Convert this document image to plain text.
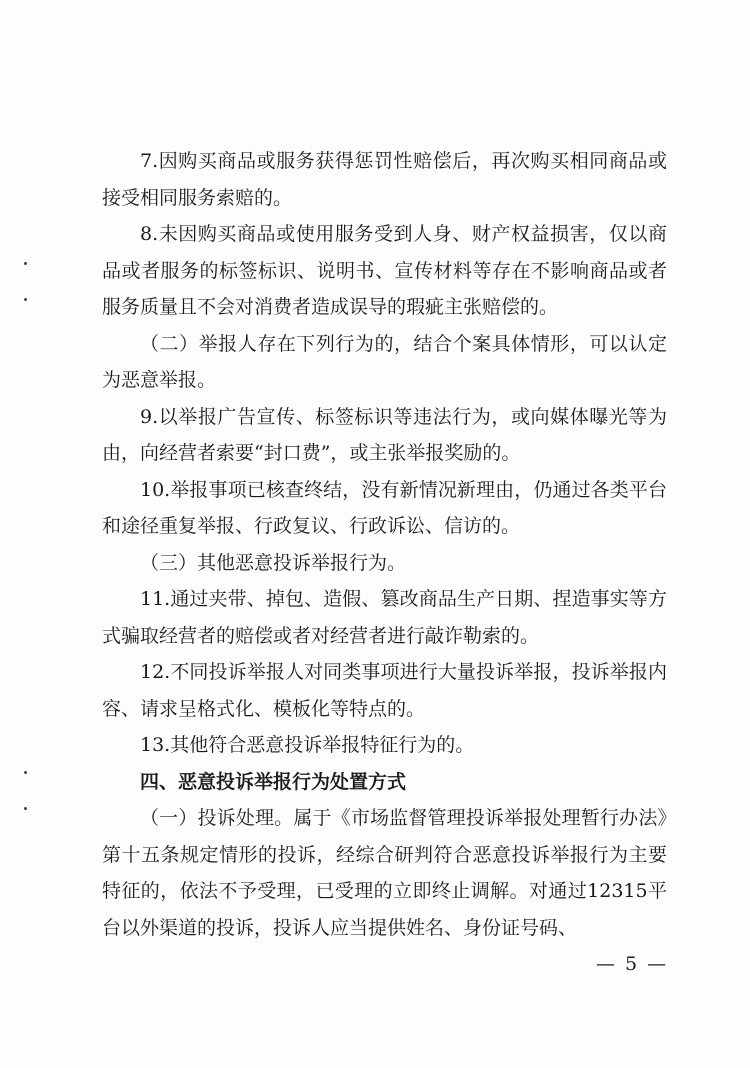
7.因购买商品或服务获得惩罚性赔偿后，再次购买相同商品或接受相同服务索赔的。

8.未因购买商品或使用服务受到人身、财产权益损害，仅以商品或者服务的标签标识、说明书、宣传材料等存在不影响商品或者服务质量且不会对消费者造成误导的瑕疵主张赔偿的。

（二）举报人存在下列行为的，结合个案具体情形，可以认定为恶意举报。

9.以举报广告宣传、标签标识等违法行为，或向媒体曝光等为由，向经营者索要“封口费”，或主张举报奖励的。

10.举报事项已核查终结，没有新情况新理由，仍通过各类平台和途径重复举报、行政复议、行政诉讼、信访的。

（三）其他恶意投诉举报行为。

11.通过夹带、掉包、造假、篡改商品生产日期、捏造事实等方式骗取经营者的赔偿或者对经营者进行敲诈勒索的。

12.不同投诉举报人对同类事项进行大量投诉举报，投诉举报内容、请求呈格式化、模板化等特点的。

13.其他符合恶意投诉举报特征行为的。

四、恶意投诉举报行为处置方式

（一）投诉处理。属于《市场监督管理投诉举报处理暂行办法》第十五条规定情形的投诉，经综合研判符合恶意投诉举报行为主要特征的，依法不予受理，已受理的立即终止调解。对通过12315平台以外渠道的投诉，投诉人应当提供姓名、身份证号码、

— 5 —
